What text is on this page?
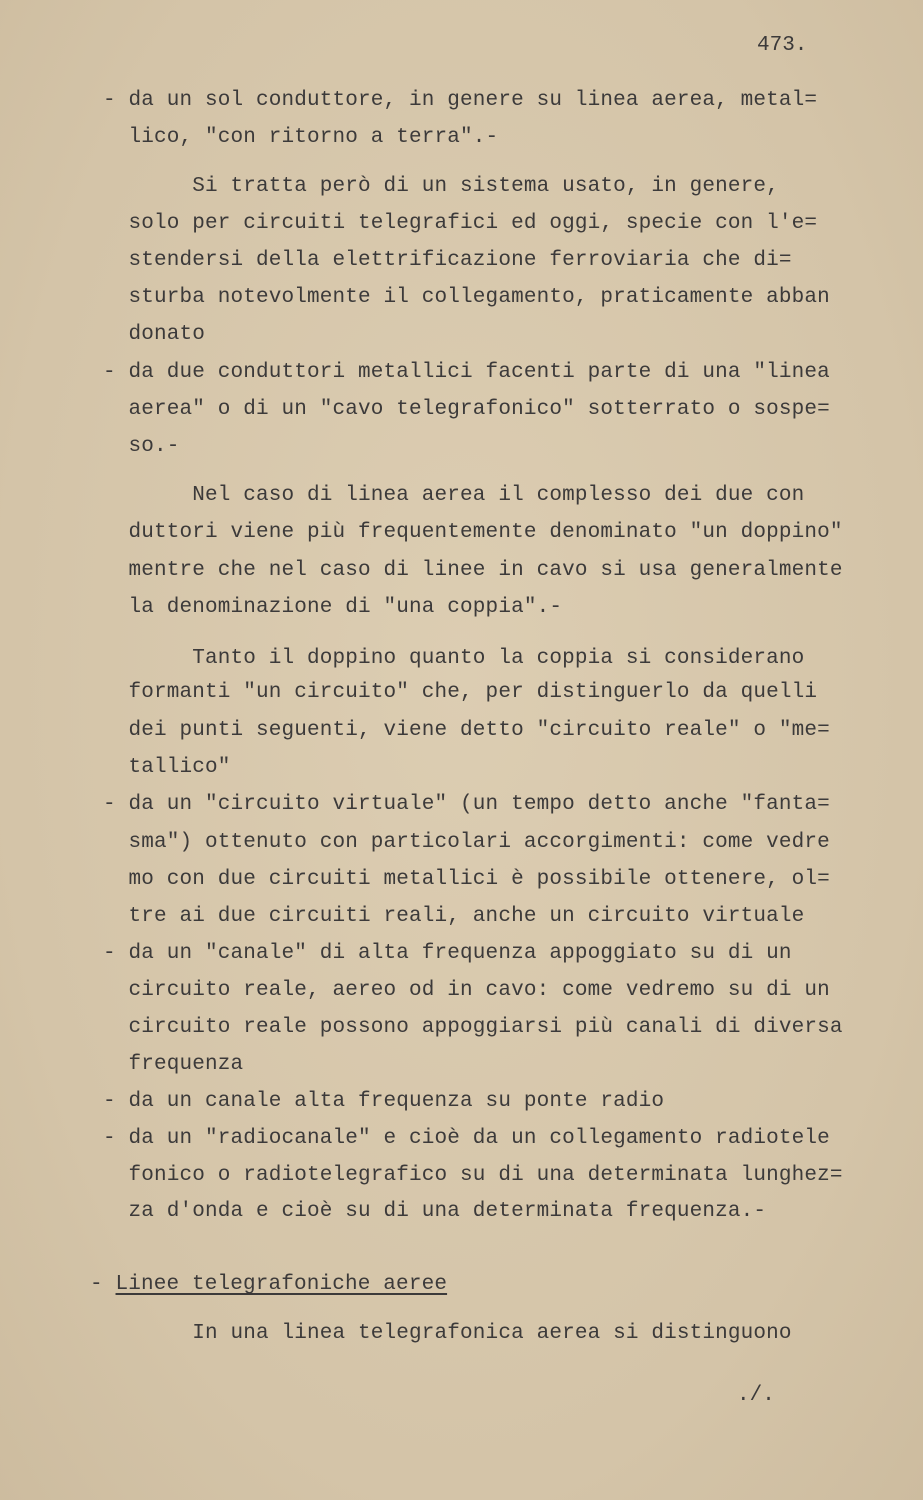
473.
- da un sol conduttore, in genere su linea aerea, metal=
lico, "con ritorno a terra".-
Si tratta però di un sistema usato, in genere,
solo per circuiti telegrafici ed oggi, specie con l'e=
stendersi della elettrificazione ferroviaria che di=
sturba notevolmente il collegamento, praticamente abban
donato
- da due conduttori metallici facenti parte di una "linea
aerea" o di un "cavo telegrafonico" sotterrato o sospe=
so.-
Nel caso di linea aerea il complesso dei due con
duttori viene più frequentemente denominato "un doppino"
mentre che nel caso di linee in cavo si usa generalmente
la denominazione di "una coppia".-
Tanto il doppino quanto la coppia si considerano
formanti "un circuito" che, per distinguerlo da quelli
dei punti seguenti, viene detto "circuito reale" o "me=
tallico"
- da un "circuito virtuale" (un tempo detto anche "fanta=
sma") ottenuto con particolari accorgimenti: come vedre
mo con due circuiti metallici è possibile ottenere, ol=
tre ai due circuiti reali, anche un circuito virtuale
- da un "canale" di alta frequenza appoggiato su di un
circuito reale, aereo od in cavo: come vedremo su di un
circuito reale possono appoggiarsi più canali di diversa
frequenza
- da un canale alta frequenza su ponte radio
- da un "radiocanale" e cioè da un collegamento radiotele
fonico o radiotelegrafico su di una determinata lunghez=
za d'onda e cioè su di una determinata frequenza.-
- Linee telegrafoniche aeree
In una linea telegrafonica aerea si distinguono
./.
